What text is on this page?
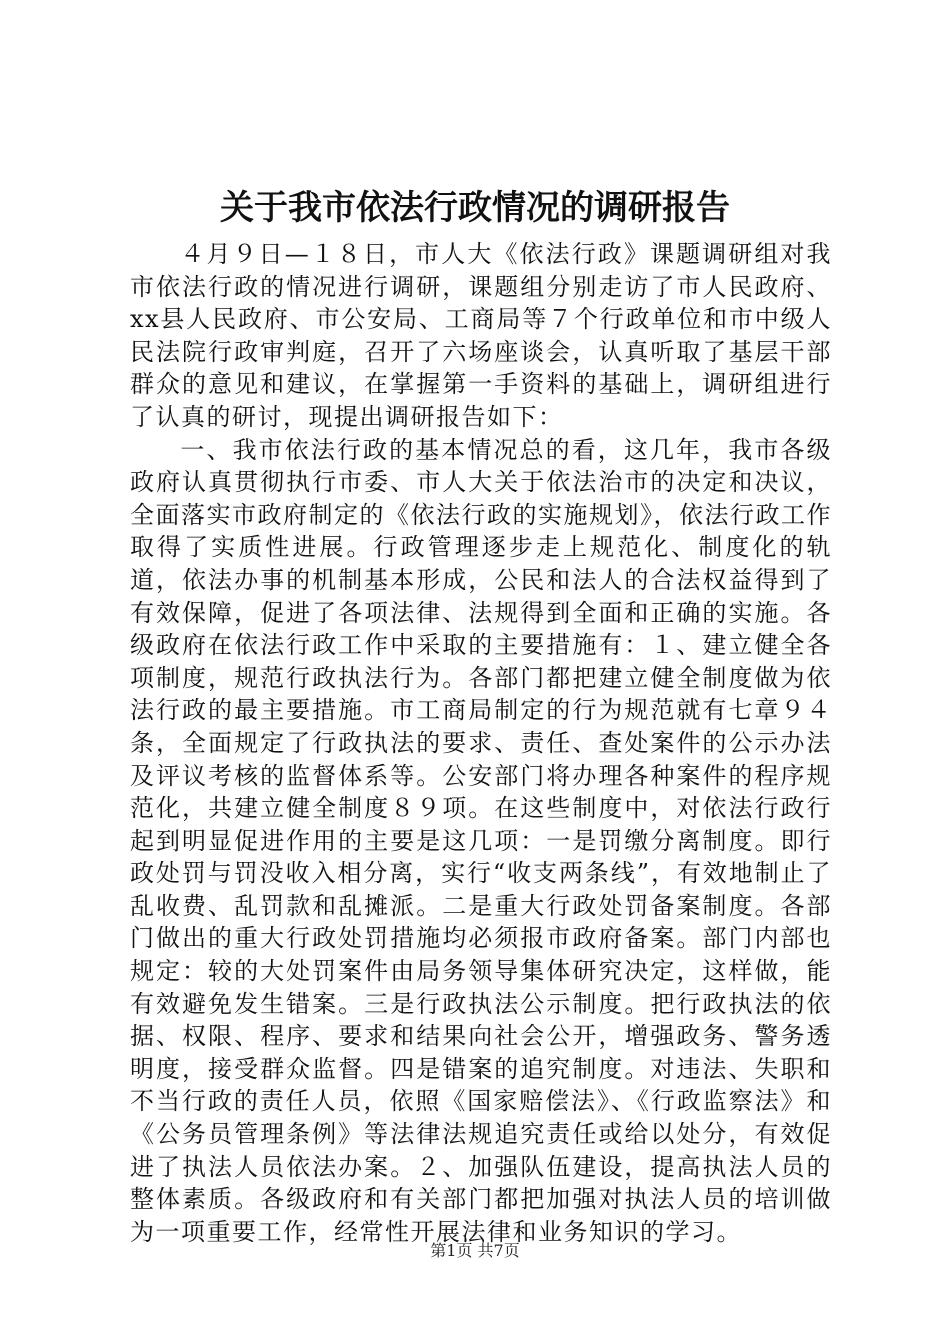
关于我市依法行政情况的调研报告

４月９日—１８日，市人大《依法行政》课题调研组对我市依法行政的情况进行调研，课题组分别走访了市人民政府、xx县人民政府、市公安局、工商局等７个行政单位和市中级人民法院行政审判庭，召开了六场座谈会，认真听取了基层干部群众的意见和建议，在掌握第一手资料的基础上，调研组进行了认真的研讨，现提出调研报告如下：

一、我市依法行政的基本情况总的看，这几年，我市各级政府认真贯彻执行市委、市人大关于依法治市的决定和决议，全面落实市政府制定的《依法行政的实施规划》，依法行政工作取得了实质性进展。行政管理逐步走上规范化、制度化的轨道，依法办事的机制基本形成，公民和法人的合法权益得到了有效保障，促进了各项法律、法规得到全面和正确的实施。各级政府在依法行政工作中采取的主要措施有：１、建立健全各项制度，规范行政执法行为。各部门都把建立健全制度做为依法行政的最主要措施。市工商局制定的行为规范就有七章９４条，全面规定了行政执法的要求、责任、查处案件的公示办法及评议考核的监督体系等。公安部门将办理各种案件的程序规范化，共建立健全制度８９项。在这些制度中，对依法行政行起到明显促进作用的主要是这几项：一是罚缴分离制度。即行政处罚与罚没收入相分离，实行“收支两条线”，有效地制止了乱收费、乱罚款和乱摊派。二是重大行政处罚备案制度。各部门做出的重大行政处罚措施均必须报市政府备案。部门内部也规定：较的大处罚案件由局务领导集体研究决定，这样做，能有效避免发生错案。三是行政执法公示制度。把行政执法的依据、权限、程序、要求和结果向社会公开，增强政务、警务透明度，接受群众监督。四是错案的追究制度。对违法、失职和不当行政的责任人员，依照《国家赔偿法》、《行政监察法》和《公务员管理条例》等法律法规追究责任或给以处分，有效促进了执法人员依法办案。２、加强队伍建设，提高执法人员的整体素质。各级政府和有关部门都把加强对执法人员的培训做为一项重要工作，经常性开展法律和业务知识的学习。

第1页 共7页
